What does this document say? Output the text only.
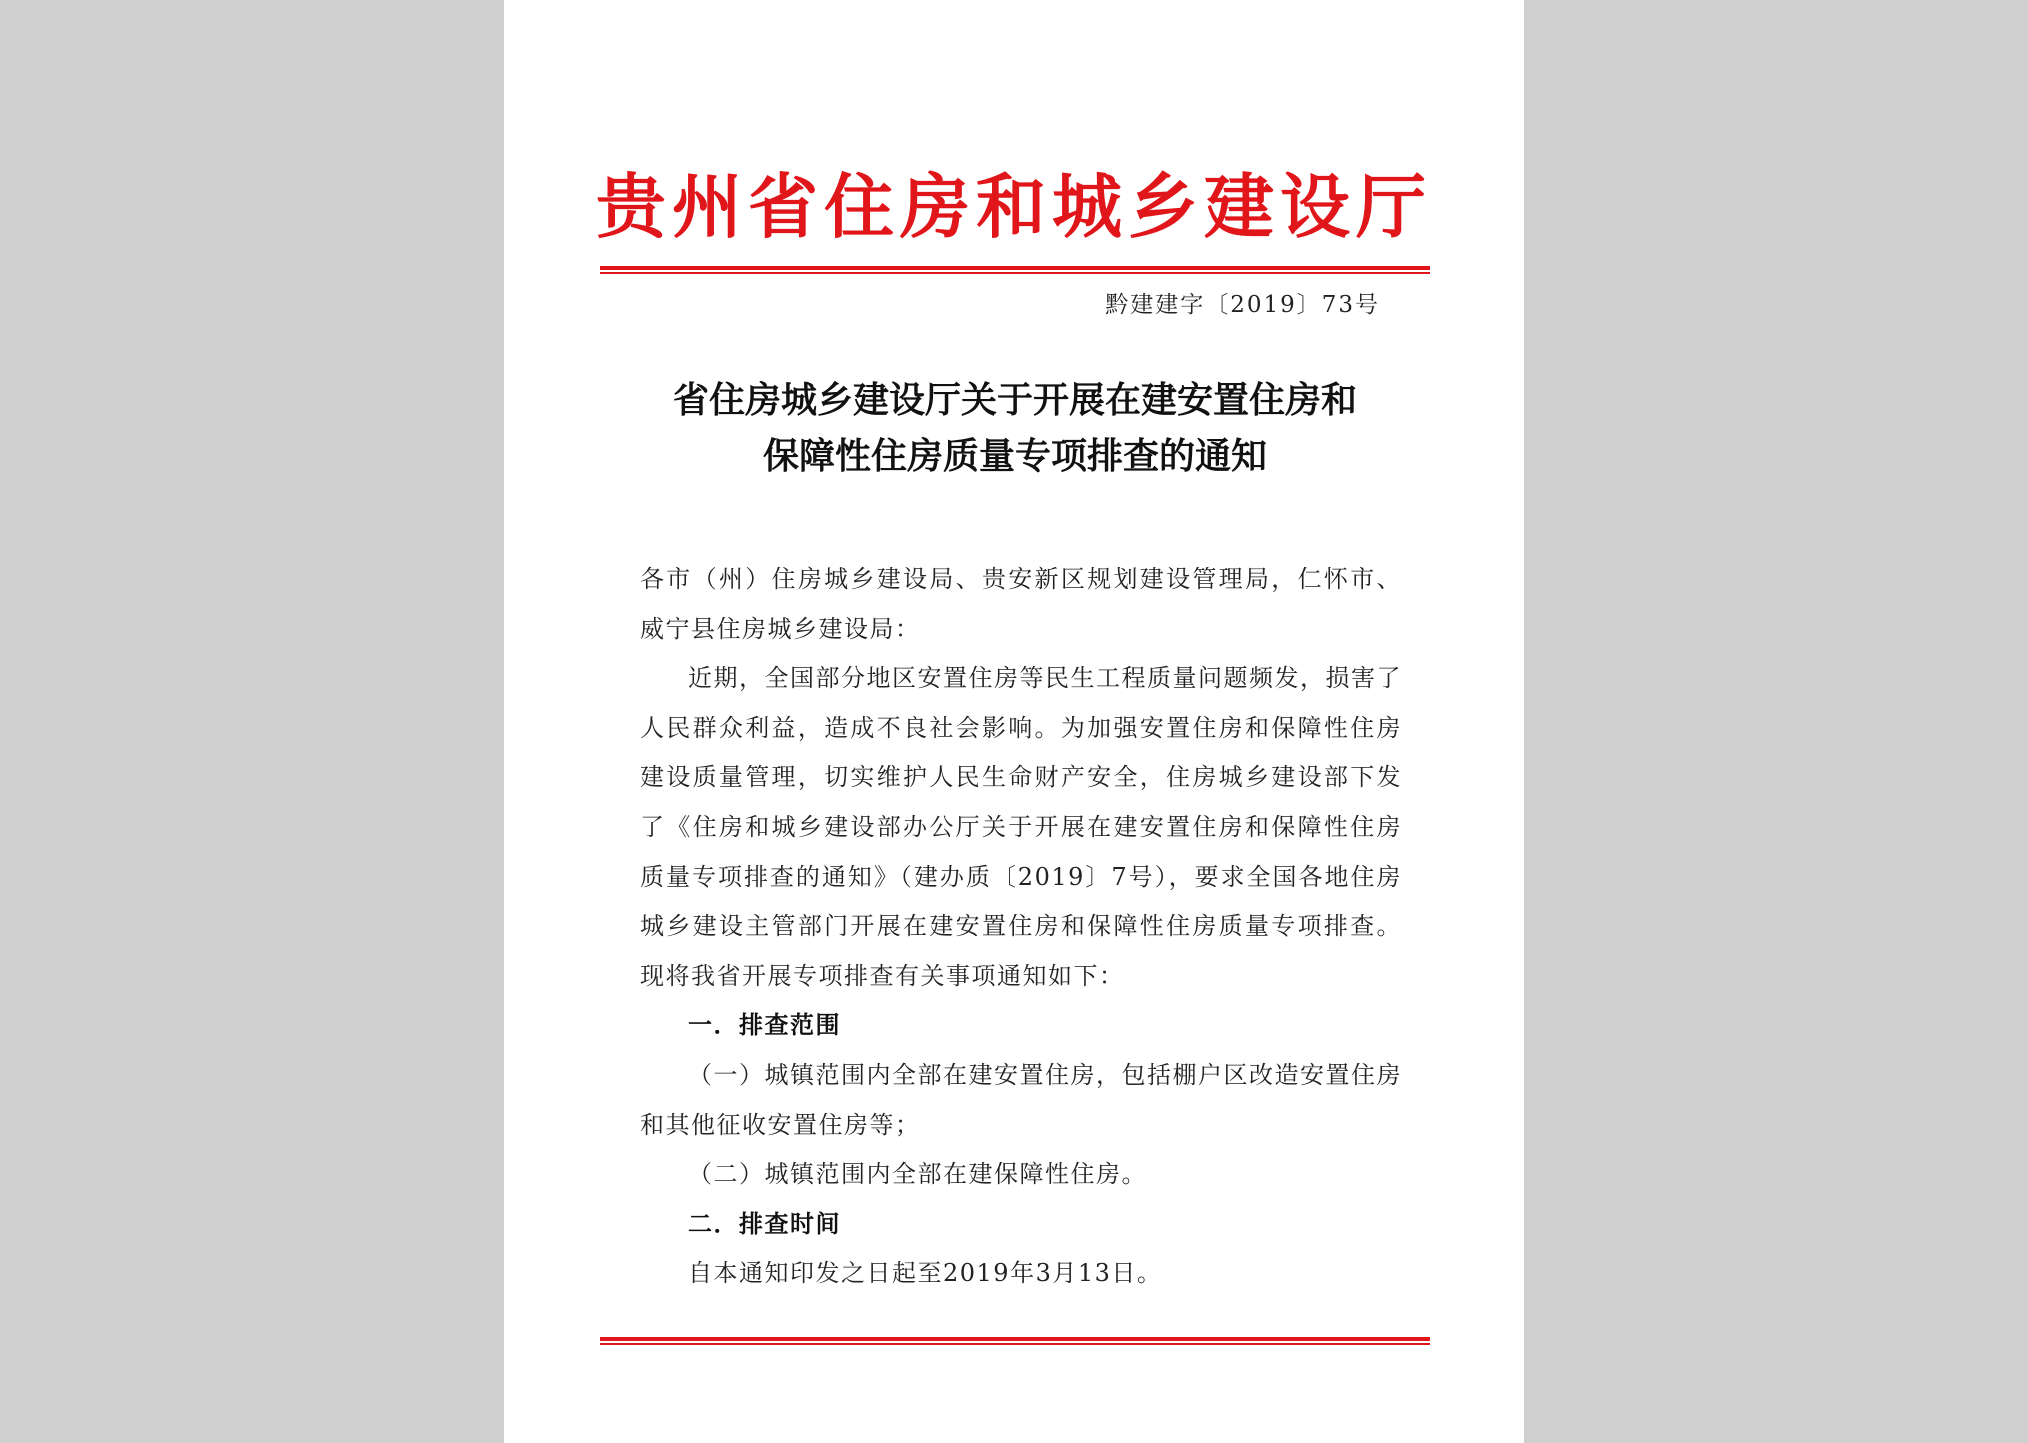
贵州省住房和城乡建设厅
黔建建字〔2019〕73号
省住房城乡建设厅关于开展在建安置住房和
保障性住房质量专项排查的通知

各市（州）住房城乡建设局、贵安新区规划建设管理局，仁怀市、威宁县住房城乡建设局：

近期，全国部分地区安置住房等民生工程质量问题频发，损害了人民群众利益，造成不良社会影响。为加强安置住房和保障性住房建设质量管理，切实维护人民生命财产安全，住房城乡建设部下发了《住房和城乡建设部办公厅关于开展在建安置住房和保障性住房质量专项排查的通知》（建办质〔2019〕7号），要求全国各地住房城乡建设主管部门开展在建安置住房和保障性住房质量专项排查。现将我省开展专项排查有关事项通知如下：

一．排查范围

（一）城镇范围内全部在建安置住房，包括棚户区改造安置住房和其他征收安置住房等；

（二）城镇范围内全部在建保障性住房。

二．排查时间

自本通知印发之日起至2019年3月13日。
